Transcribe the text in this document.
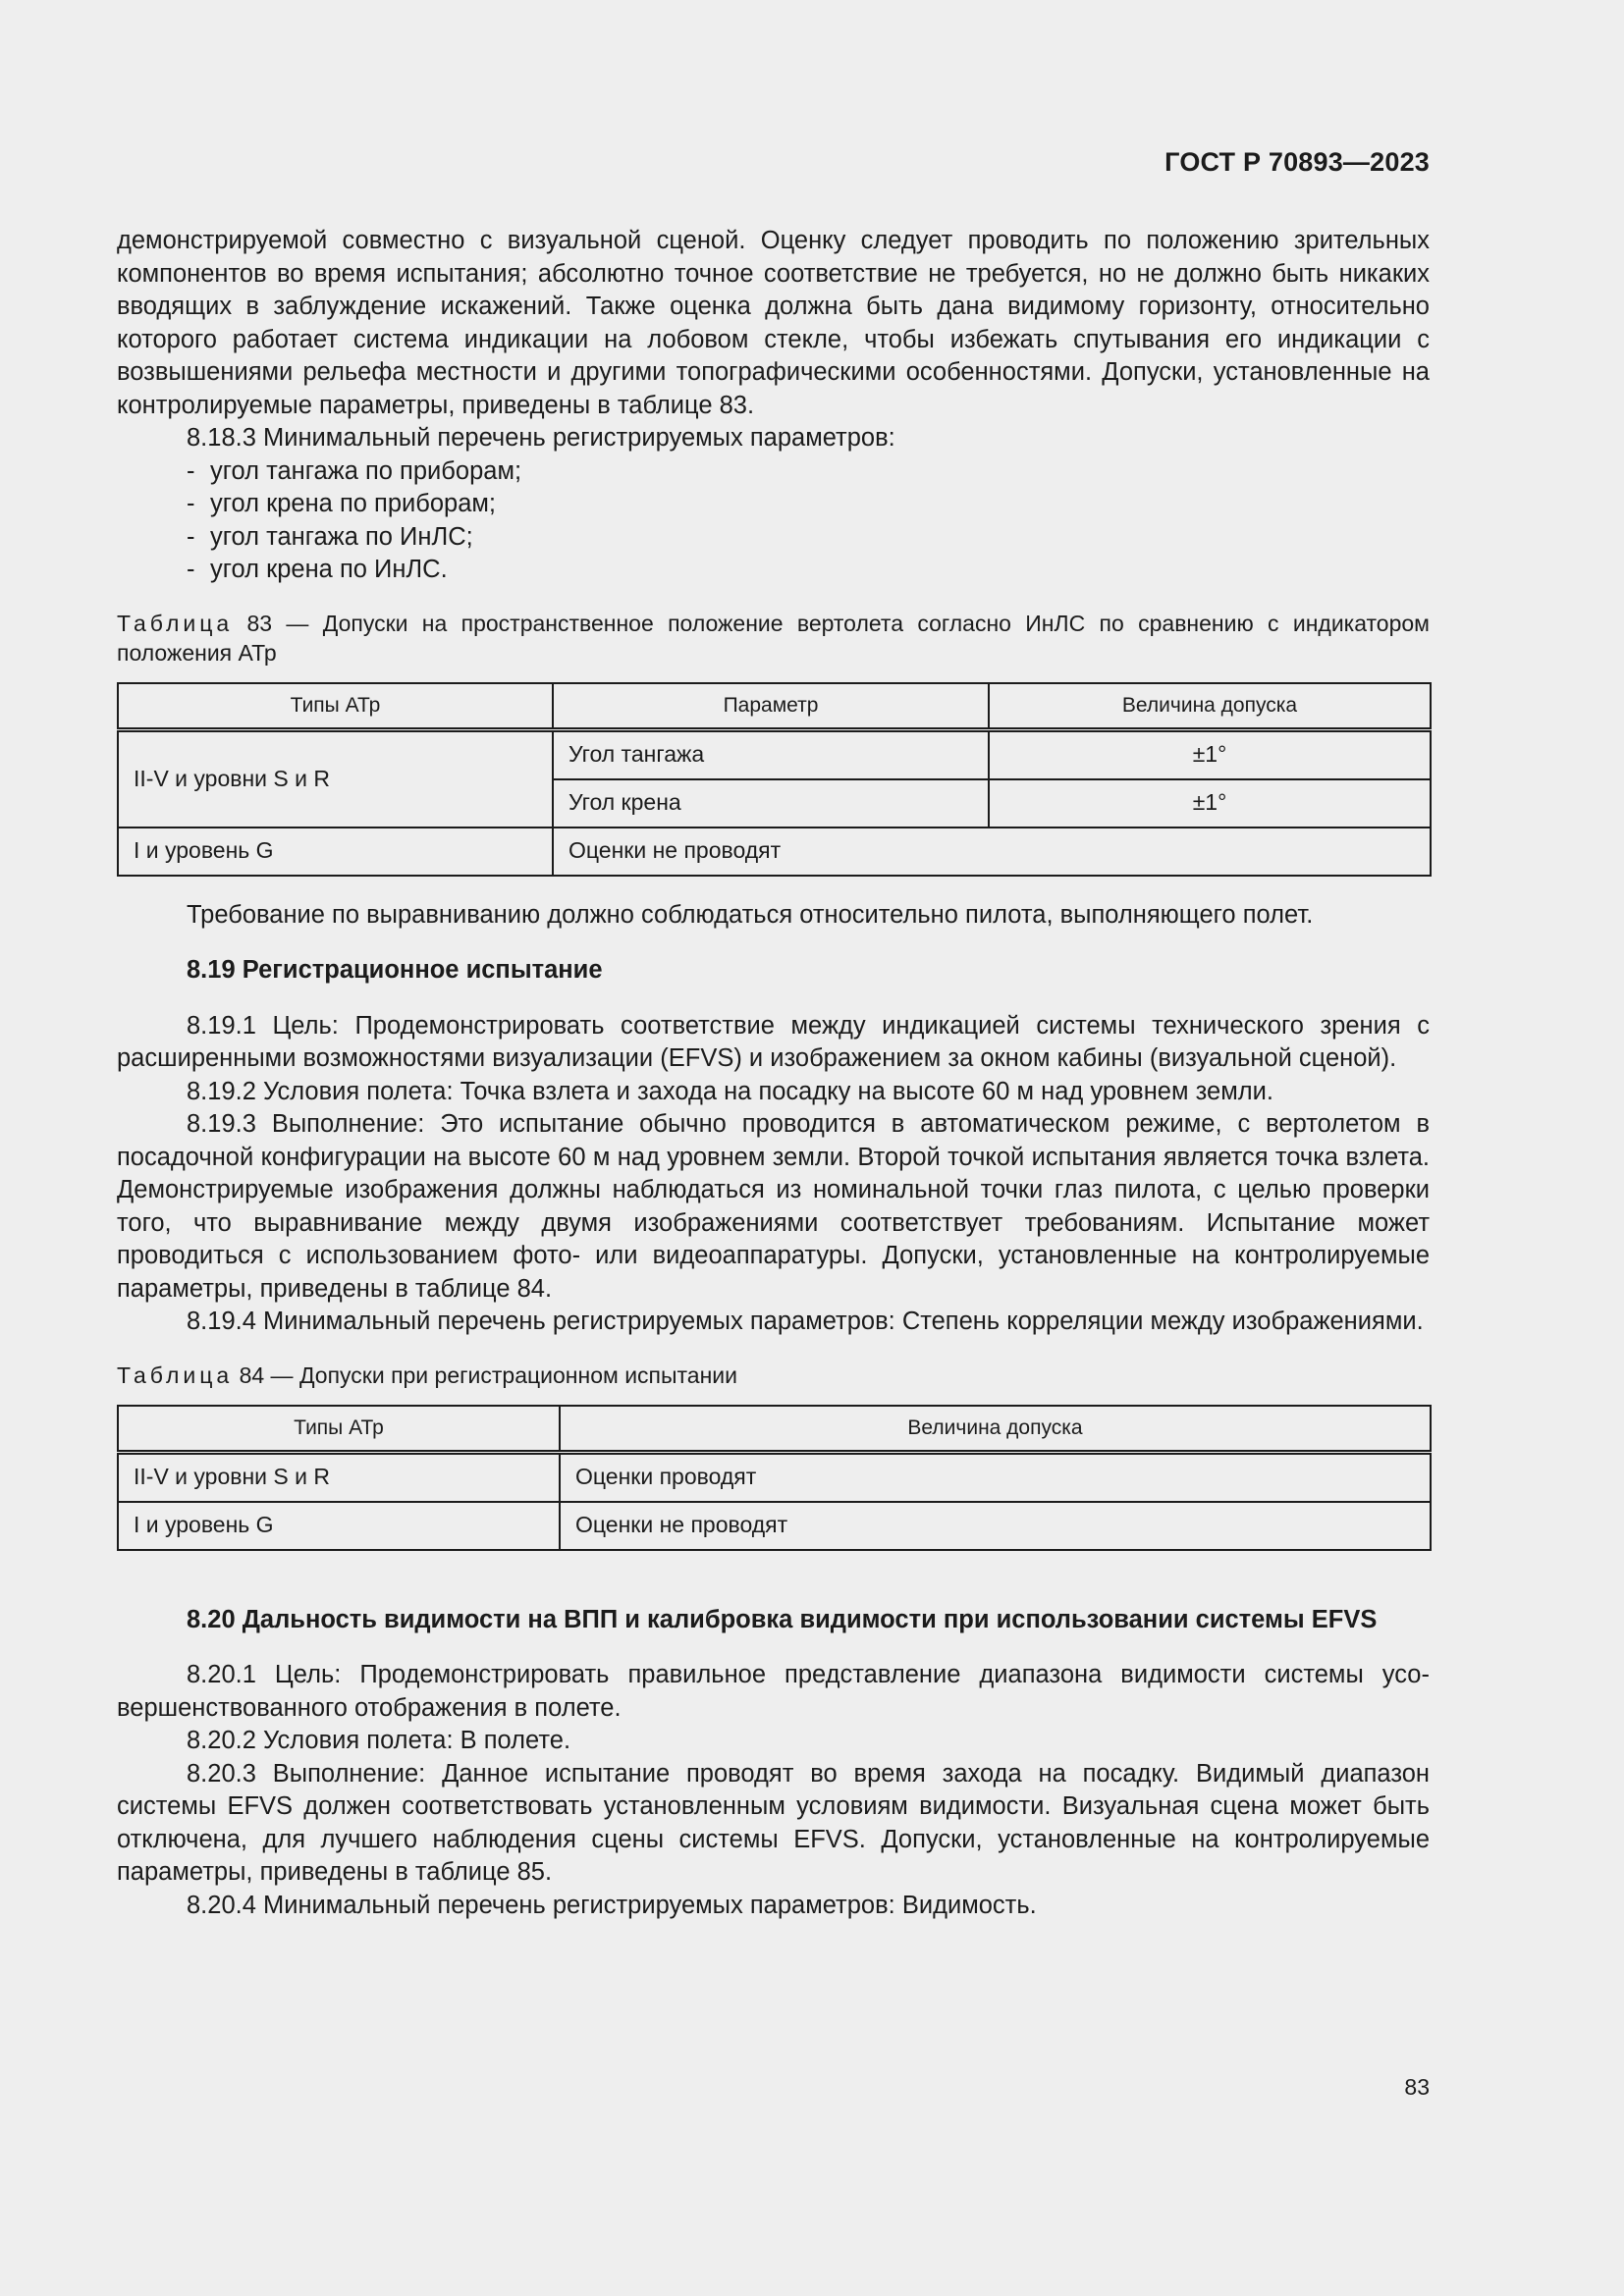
ГОСТ Р 70893—2023

демонстрируемой совместно с визуальной сценой. Оценку следует проводить по положению зрительных компонентов во время испытания; абсолютно точное соответствие не требуется, но не должно быть никаких вводящих в заблуждение искажений. Также оценка должна быть дана видимому горизонту, относительно которого работает система индикации на лобовом стекле, чтобы избежать спутывания его индикации с возвышениями рельефа местности и другими топографическими особенностями. Допуски, установленные на контролируемые параметры, приведены в таблице 83.

8.18.3 Минимальный перечень регистрируемых параметров:

- угол тангажа по приборам;
- угол крена по приборам;
- угол тангажа по ИнЛС;
- угол крена по ИнЛС.

Таблица 83 — Допуски на пространственное положение вертолета согласно ИнЛС по сравнению с индикатором положения АТр

Типы АТр	Параметр	Величина допуска
II-V и уровни S и R	Угол тангажа	±1°
	Угол крена	±1°
I и уровень G	Оценки не проводят	

Требование по выравниванию должно соблюдаться относительно пилота, выполняющего полет.

8.19 Регистрационное испытание

8.19.1 Цель: Продемонстрировать соответствие между индикацией системы технического зрения с расширенными возможностями визуализации (EFVS) и изображением за окном кабины (визуальной сценой).

8.19.2 Условия полета: Точка взлета и захода на посадку на высоте 60 м над уровнем земли.

8.19.3 Выполнение: Это испытание обычно проводится в автоматическом режиме, с вертолетом в посадочной конфигурации на высоте 60 м над уровнем земли. Второй точкой испытания является точка взлета. Демонстрируемые изображения должны наблюдаться из номинальной точки глаз пилота, с целью проверки того, что выравнивание между двумя изображениями соответствует требованиям. Испытание может проводиться с использованием фото- или видеоаппаратуры. Допуски, установленные на контролируемые параметры, приведены в таблице 84.

8.19.4 Минимальный перечень регистрируемых параметров: Степень корреляции между изображениями.

Таблица 84 — Допуски при регистрационном испытании

Типы АТр	Величина допуска
II-V и уровни S и R	Оценки проводят
I и уровень G	Оценки не проводят

8.20 Дальность видимости на ВПП и калибровка видимости при использовании системы EFVS

8.20.1 Цель: Продемонстрировать правильное представление диапазона видимости системы усовершенствованного отображения в полете.

8.20.2 Условия полета: В полете.

8.20.3 Выполнение: Данное испытание проводят во время захода на посадку. Видимый диапазон системы EFVS должен соответствовать установленным условиям видимости. Визуальная сцена может быть отключена, для лучшего наблюдения сцены системы EFVS. Допуски, установленные на контролируемые параметры, приведены в таблице 85.

8.20.4 Минимальный перечень регистрируемых параметров: Видимость.

83
